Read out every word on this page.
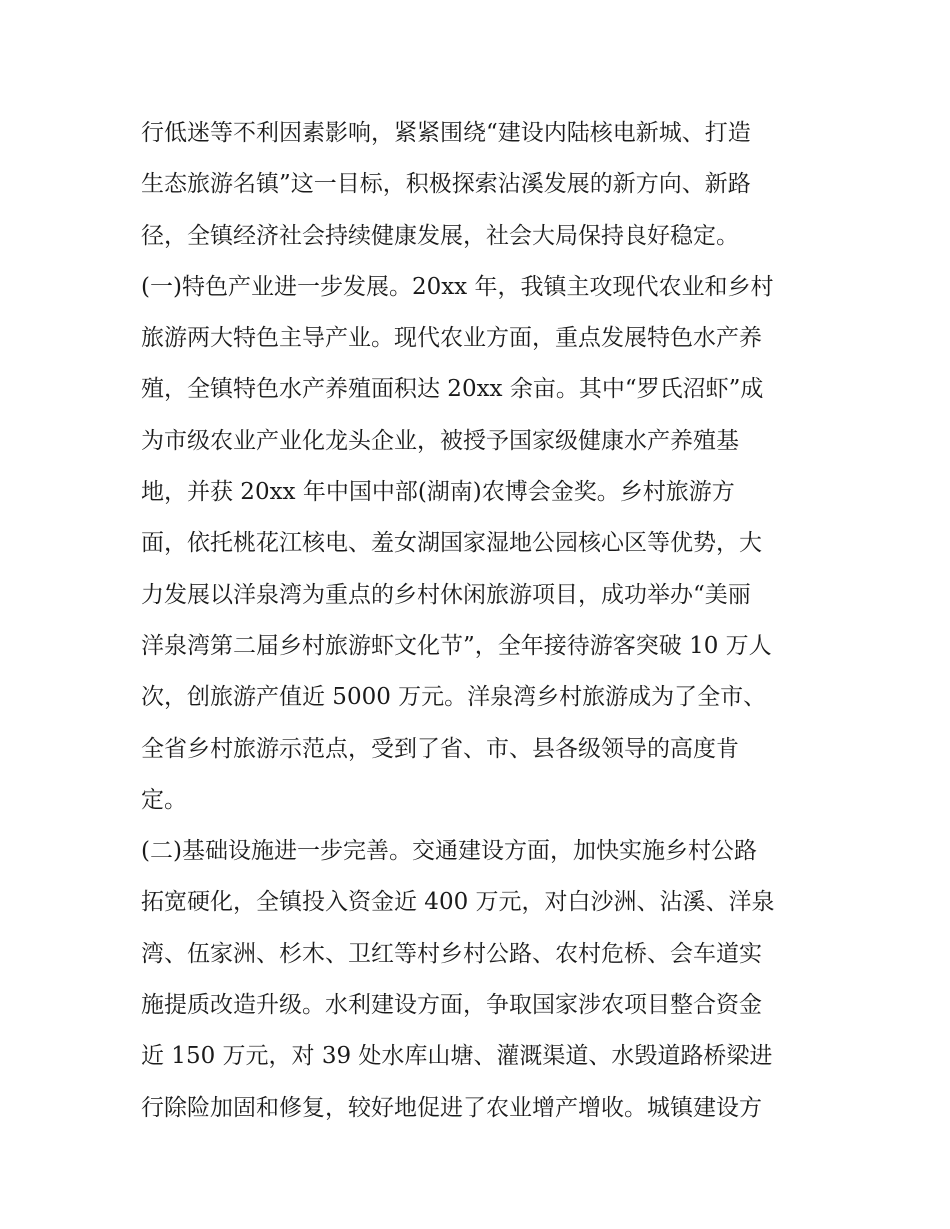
行低迷等不利因素影响，紧紧围绕“建设内陆核电新城、打造
生态旅游名镇”这一目标，积极探索沾溪发展的新方向、新路
径，全镇经济社会持续健康发展，社会大局保持良好稳定。
(一)特色产业进一步发展。20xx 年，我镇主攻现代农业和乡村
旅游两大特色主导产业。现代农业方面，重点发展特色水产养
殖，全镇特色水产养殖面积达 20xx 余亩。其中“罗氏沼虾”成
为市级农业产业化龙头企业，被授予国家级健康水产养殖基
地，并获 20xx 年中国中部(湖南)农博会金奖。乡村旅游方
面，依托桃花江核电、羞女湖国家湿地公园核心区等优势，大
力发展以洋泉湾为重点的乡村休闲旅游项目，成功举办“美丽
洋泉湾第二届乡村旅游虾文化节”，全年接待游客突破 10 万人
次，创旅游产值近 5000 万元。洋泉湾乡村旅游成为了全市、
全省乡村旅游示范点，受到了省、市、县各级领导的高度肯
定。
(二)基础设施进一步完善。交通建设方面，加快实施乡村公路
拓宽硬化，全镇投入资金近 400 万元，对白沙洲、沾溪、洋泉
湾、伍家洲、杉木、卫红等村乡村公路、农村危桥、会车道实
施提质改造升级。水利建设方面，争取国家涉农项目整合资金
近 150 万元，对 39 处水库山塘、灌溉渠道、水毁道路桥梁进
行除险加固和修复，较好地促进了农业增产增收。城镇建设方
